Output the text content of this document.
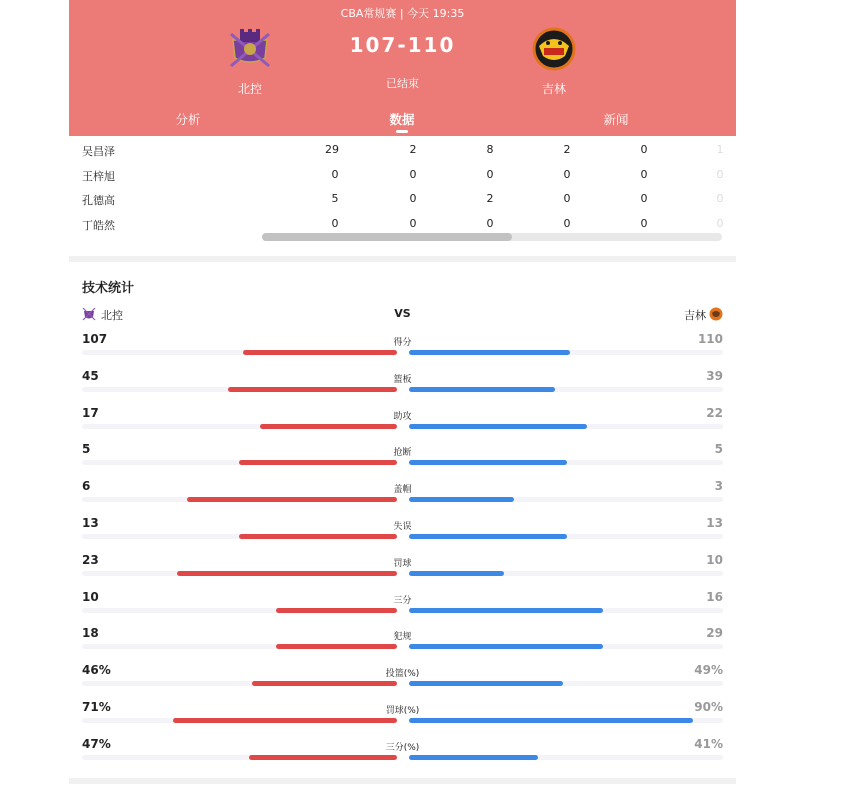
CBA常规赛 | 今天 19:35
北控
107-110
已结束	吉林
分析	数据	新闻
吴昌泽	29	2	8	2	0	1
王梓旭	0	0	0	0	0	0
孔德高	5	0	2	0	0	0
丁皓然	0	0	0	0	0	0
技术统计
北控	VS	吉林
107	得分	110
45	篮板	39
17	助攻	22
5	抢断	5
6	盖帽	3
13	失误	13
23	罚球	10
10	三分	16
18	犯规	29
46%	投篮(%)	49%
71%	罚球(%)	90%
47%	三分(%)	41%
